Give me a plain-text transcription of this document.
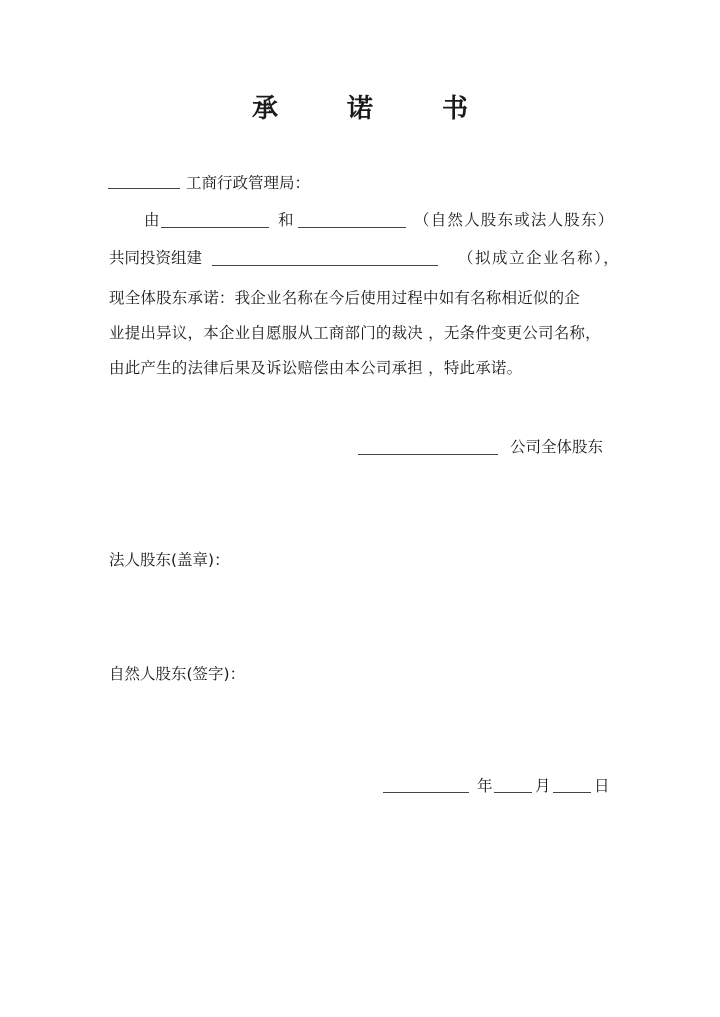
承 诺 书
工商行政管理局：
由	和	（自然人股东或法人股东）
共同投资组建	（拟成立企业名称），
现全体股东承诺：我企业名称在今后使用过程中如有名称相近似的企
业提出异议，本企业自愿服从工商部门的裁决 ，无条件变更公司名称，
由此产生的法律后果及诉讼赔偿由本公司承担 ，特此承诺。
公司全体股东
法人股东(盖章)：
自然人股东(签字)：
年	月	日
